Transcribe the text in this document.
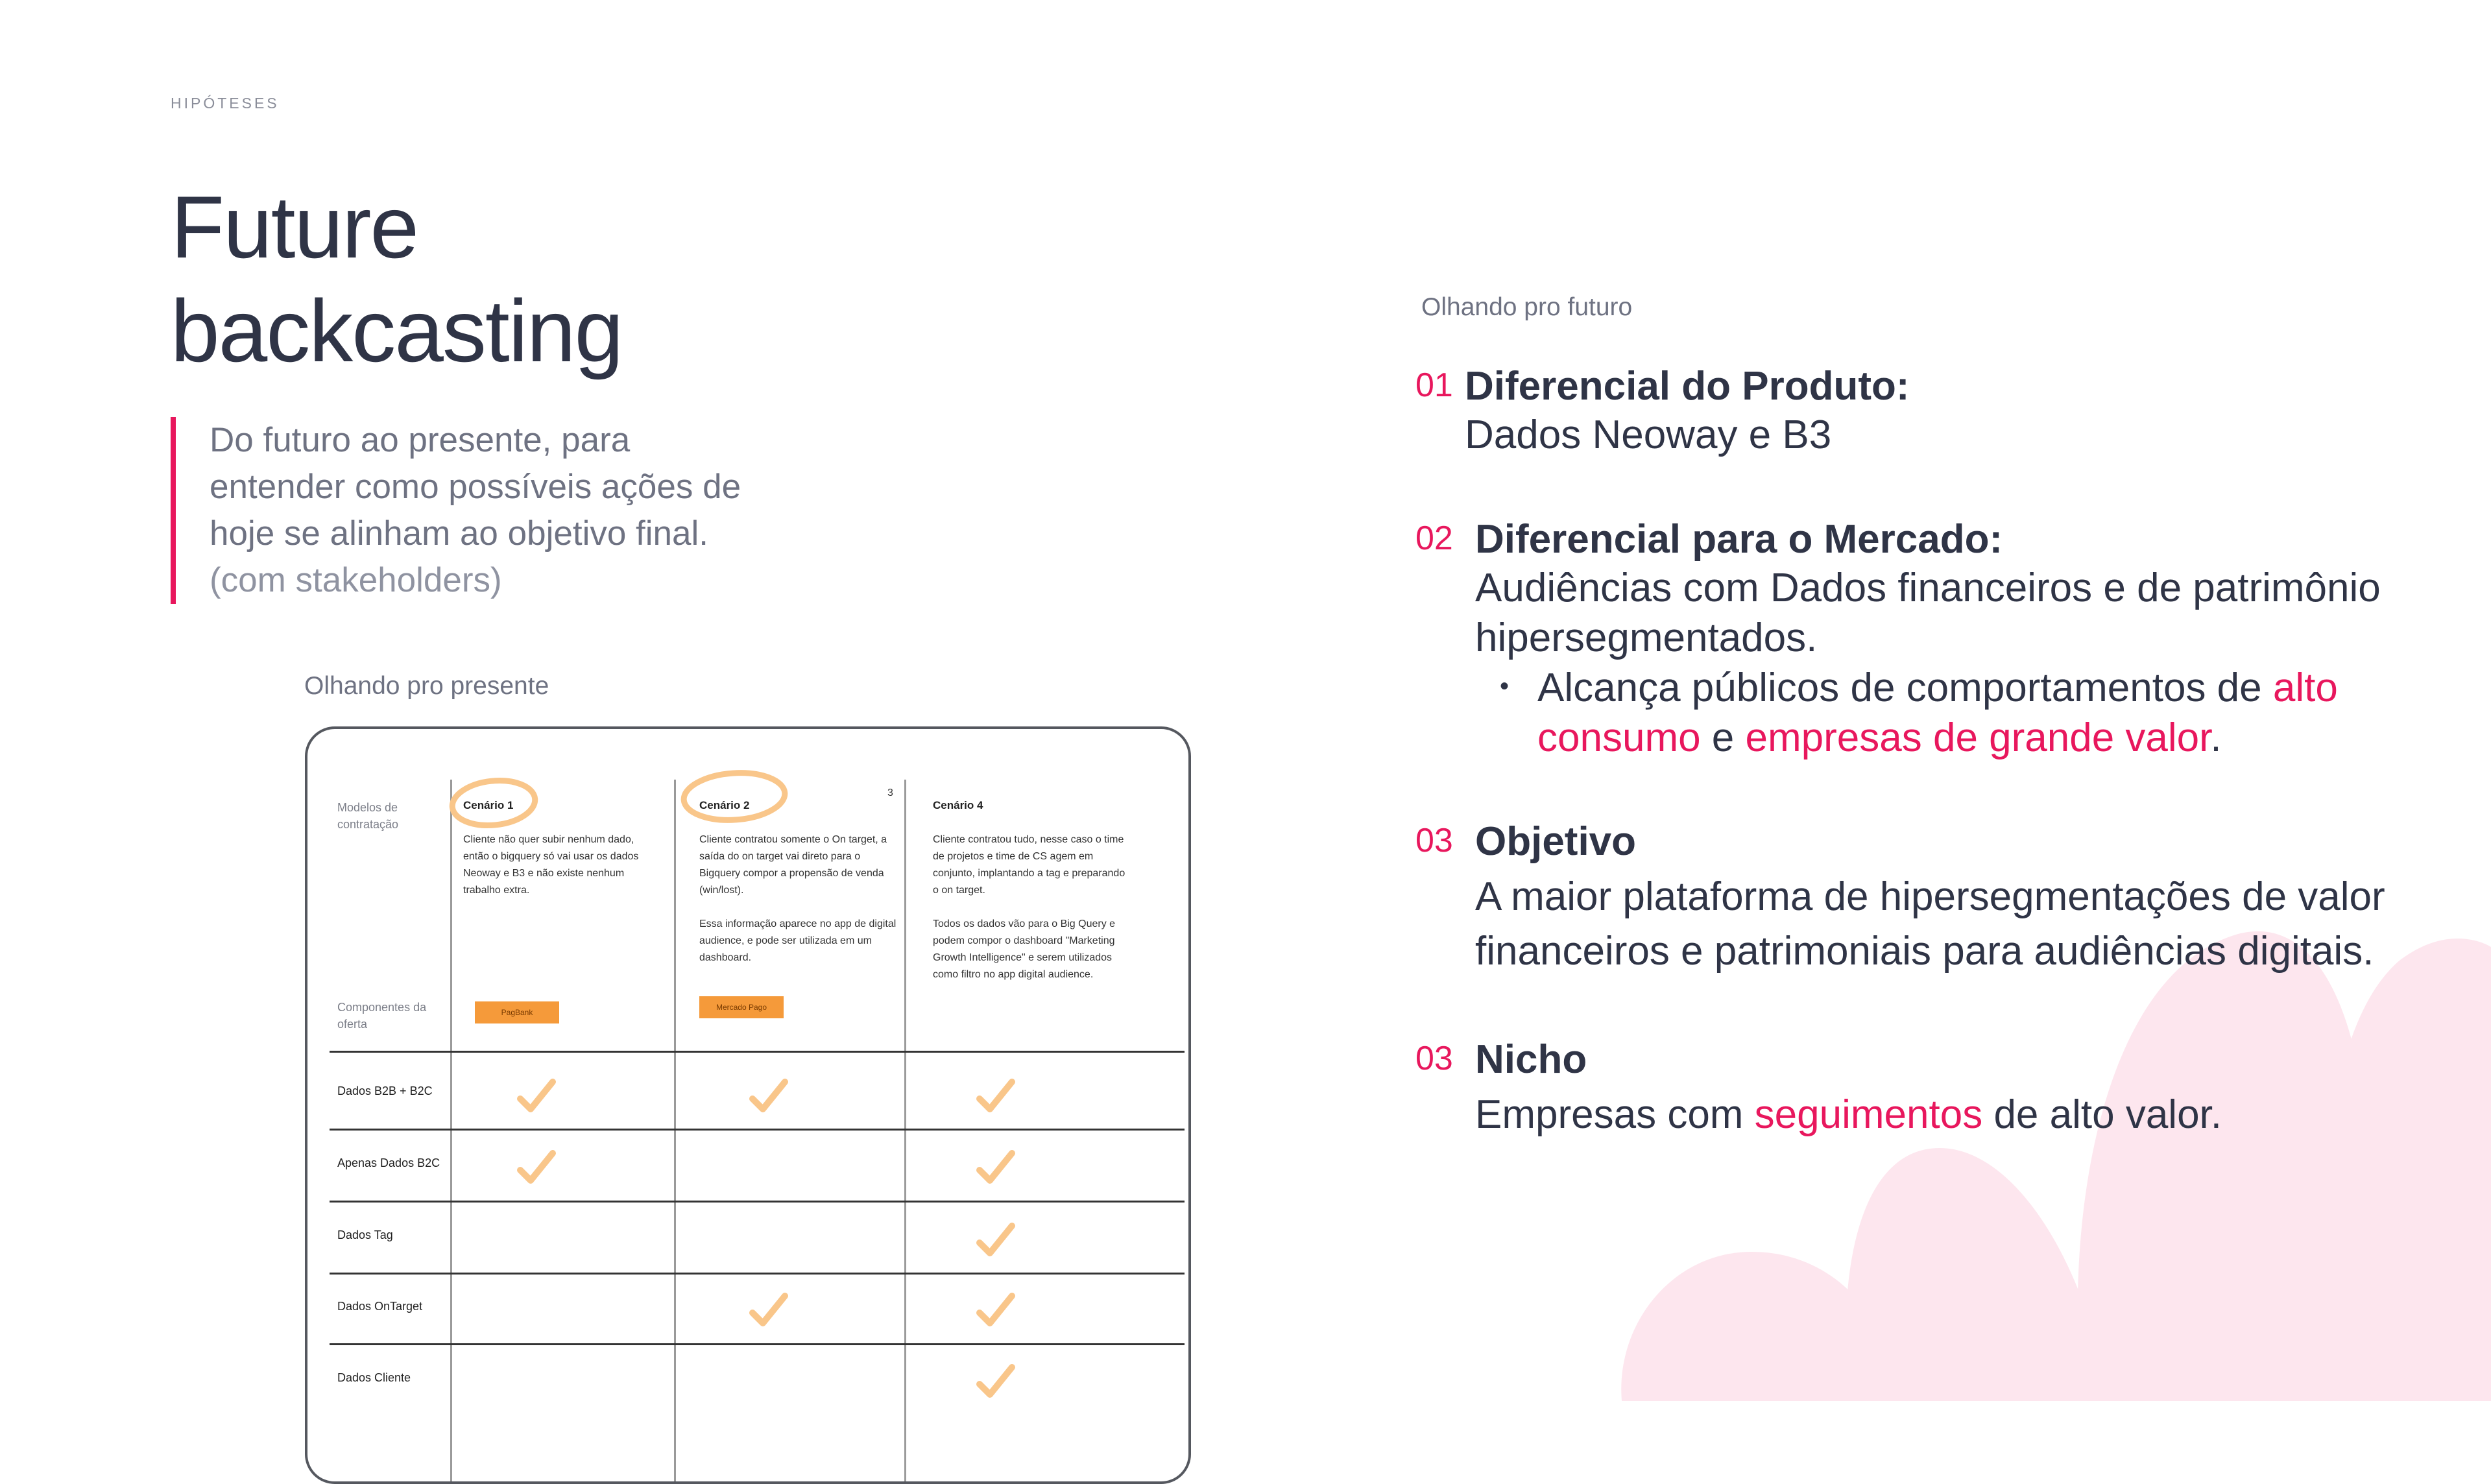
HIPÓTESES
Future
backcasting

Do futuro ao presente, para

entender como possíveis ações de

hoje se alinham ao objetivo final.

(com stakeholders)

Olhando pro presente
Modelos de contratação
Componentes da oferta
3
Cenário 1	Cenário 2	Cenário 4

Cliente não quer subir nenhum dado, então o bigquery só vai usar os dados Neoway e B3 e não existe nenhum trabalho extra.

Cliente contratou somente o On target, a saída do on target vai direto para o Bigquery compor a propensão de venda (win/lost).

Essa informação aparece no app de digital audience, e pode ser utilizada em um dashboard.

Cliente contratou tudo, nesse caso o time de projetos e time de CS agem em conjunto, implantando a tag e preparando o on target.

Todos os dados vão para o Big Query e podem compor o dashboard "Marketing Growth Intelligence" e serem utilizados como filtro no app digital audience.

PagBank
Mercado Pago
Dados B2B + B2C
Apenas Dados B2C
Dados Tag
Dados OnTarget
Dados Cliente
Olhando pro futuro
01 Diferencial do Produto:
Dados Neoway e B3
02 Diferencial para o Mercado:
Audiências com Dados financeiros e de patrimônio
hipersegmentados.
• Alcança públicos de comportamentos de alto
consumo e empresas de grande valor.
03 Objetivo
A maior plataforma de hipersegmentações de valor
financeiros e patrimoniais para audiências digitais.
03 Nicho
Empresas com seguimentos de alto valor.
